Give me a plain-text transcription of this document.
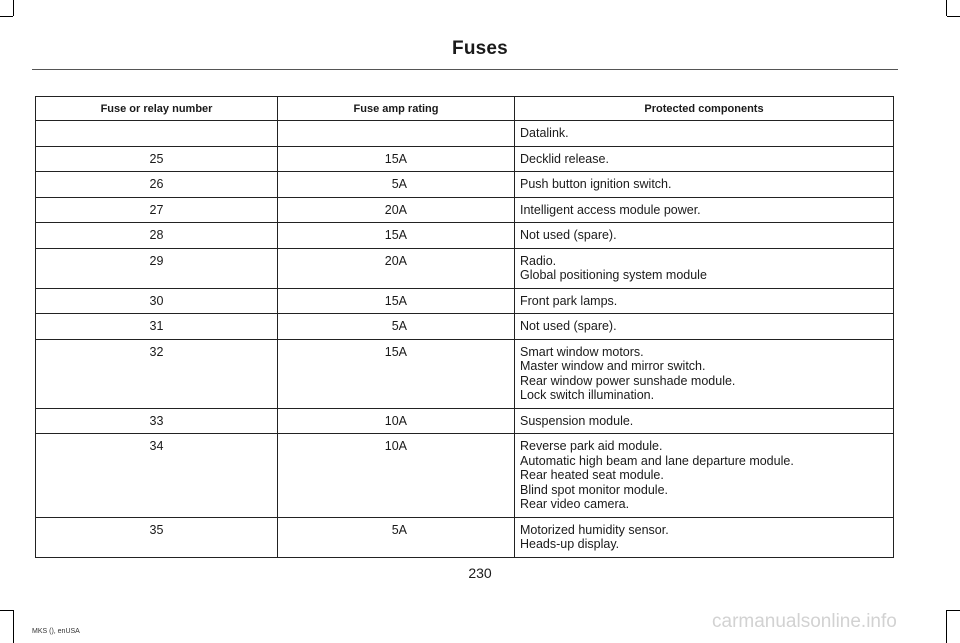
Fuses
Fuse or relay number	Fuse amp rating	Protected components

		Datalink.

25	15A	Decklid release.

26	5A	Push button ignition switch.

27	20A	Intelligent access module power.

28	15A	Not used (spare).

29	20A	Radio.
Global positioning system module

30	15A	Front park lamps.

31	5A	Not used (spare).

32	15A	Smart window motors.
Master window and mirror switch.
Rear window power sunshade module.
Lock switch illumination.

33	10A	Suspension module.

34	10A	Reverse park aid module.
Automatic high beam and lane departure module.
Rear heated seat module.
Blind spot monitor module.
Rear video camera.

35	5A	Motorized humidity sensor.
Heads-up display.
230
MKS (), enUSA	carmanualsonline.info
